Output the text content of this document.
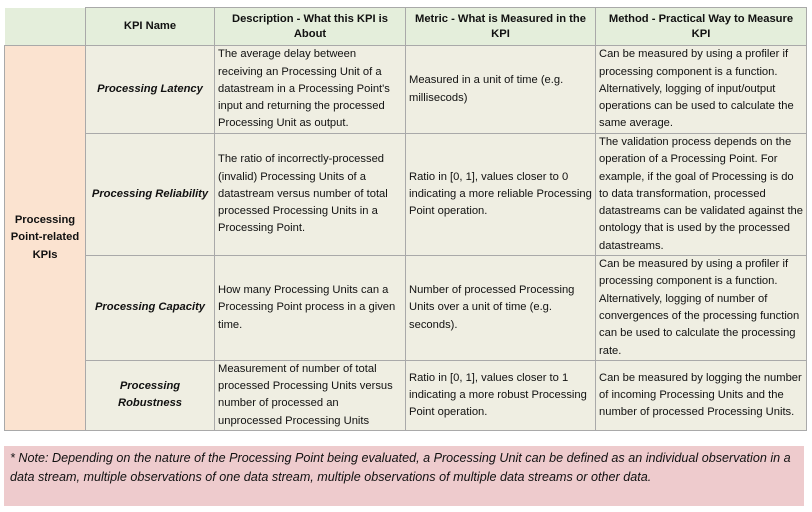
	KPI Name	Description - What this KPI is About	Metric - What is Measured in the KPI	Method - Practical Way to Measure KPI
Processing Point-related KPIs	Processing Latency	The average delay between receiving an Processing Unit of a datastream in a Processing Point's input and returning the processed Processing Unit as output.	Measured in a unit of time (e.g. millisecods)	Can be measured by using a profiler if processing component is a function. Alternatively, logging of input/output operations can be used to calculate the same average.
	Processing Reliability	The ratio of incorrectly-processed (invalid) Processing Units of a datastream versus number of total processed Processing Units in a Processing Point.	Ratio in [0, 1], values closer to 0 indicating a more reliable Processing Point operation.	The validation process depends on the operation of a Processing Point. For example, if the goal of Processing is do to data transformation, processed datastreams can be validated against the ontology that is used by the processed datastreams.
	Processing Capacity	How many Processing Units can a Processing Point process in a given time.	Number of processed Processing Units over a unit of time (e.g. seconds).	Can be measured by using a profiler if processing component is a function. Alternatively, logging of number of convergences of the processing function can be used to calculate the processing rate.
	Processing Robustness	Measurement of number of total processed Processing Units versus number of processed an unprocessed Processing Units	Ratio in [0, 1], values closer to 1 indicating a more robust Processing Point operation.	Can be measured by logging the number of incoming Processing Units and the number of processed Processing Units.
* Note: Depending on the nature of the Processing Point being evaluated, a Processing Unit can be defined as an individual observation in a data stream, multiple observations of one data stream, multiple observations of multiple data streams or other data.
